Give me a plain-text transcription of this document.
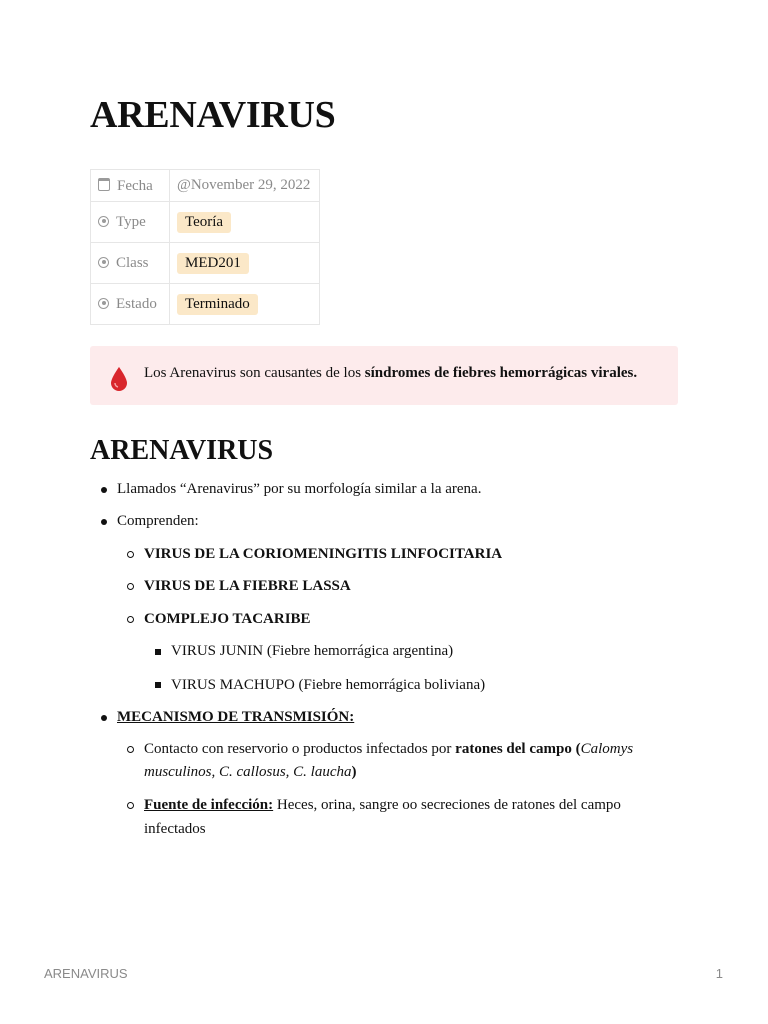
ARENAVIRUS
Fecha	@November 29, 2022
Type	Teoría
Class	MED201
Estado	Terminado
Los Arenavirus son causantes de los síndromes de fiebres hemorrágicas virales.
ARENAVIRUS
Llamados “Arenavirus” por su morfología similar a la arena.
Comprenden:
VIRUS DE LA CORIOMENINGITIS LINFOCITARIA
VIRUS DE LA FIEBRE LASSA
COMPLEJO TACARIBE
VIRUS JUNIN (Fiebre hemorrágica argentina)
VIRUS MACHUPO (Fiebre hemorrágica boliviana)
MECANISMO DE TRANSMISIÓN:
Contacto con reservorio o productos infectados por ratones del campo (Calomys
musculinos, C. callosus, C. laucha)
Fuente de infección: Heces, orina, sangre oo secreciones de ratones del campo
infectados
ARENAVIRUS	1
